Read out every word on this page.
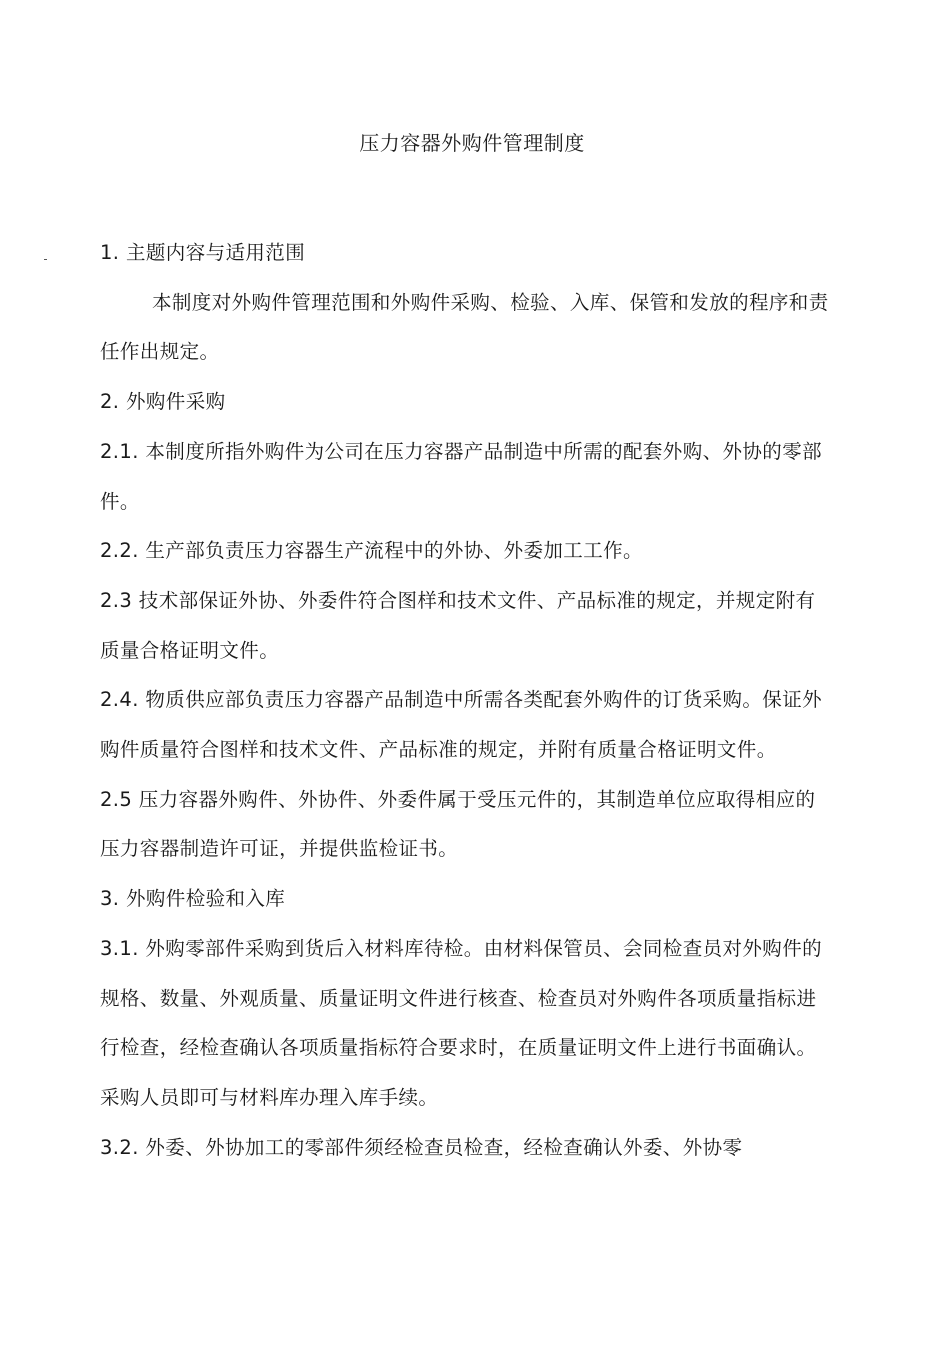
压力容器外购件管理制度

1. 主题内容与适用范围

本制度对外购件管理范围和外购件采购、检验、入库、保管和发放的程序和责任作出规定。

2. 外购件采购

2.1. 本制度所指外购件为公司在压力容器产品制造中所需的配套外购、外协的零部件。

2.2. 生产部负责压力容器生产流程中的外协、外委加工工作。

2.3 技术部保证外协、外委件符合图样和技术文件、产品标准的规定，并规定附有质量合格证明文件。

2.4. 物质供应部负责压力容器产品制造中所需各类配套外购件的订货采购。保证外购件质量符合图样和技术文件、产品标准的规定，并附有质量合格证明文件。

2.5 压力容器外购件、外协件、外委件属于受压元件的，其制造单位应取得相应的压力容器制造许可证，并提供监检证书。

3. 外购件检验和入库

3.1. 外购零部件采购到货后入材料库待检。由材料保管员、会同检查员对外购件的规格、数量、外观质量、质量证明文件进行核查、检查员对外购件各项质量指标进行检查，经检查确认各项质量指标符合要求时，在质量证明文件上进行书面确认。采购人员即可与材料库办理入库手续。

3.2. 外委、外协加工的零部件须经检查员检查，经检查确认外委、外协零
